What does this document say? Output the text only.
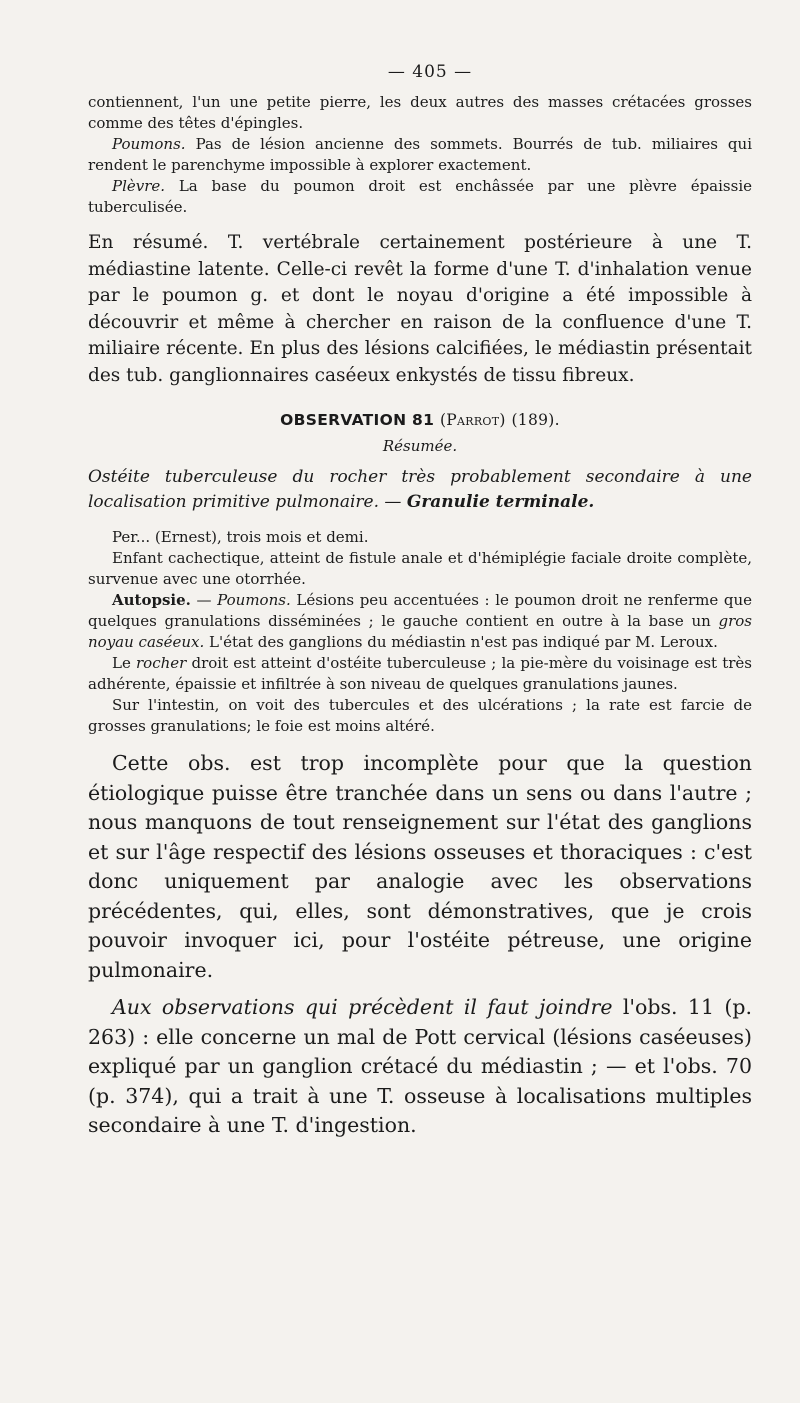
— 405 —

contiennent, l'un une petite pierre, les deux autres des masses crétacées grosses comme des têtes d'épingles.

Poumons. Pas de lésion ancienne des sommets. Bourrés de tub. miliaires qui rendent le parenchyme impossible à explorer exactement.

Plèvre. La base du poumon droit est enchâssée par une plèvre épaissie tuberculisée.

En résumé. T. vertébrale certainement postérieure à une T. médiastine latente. Celle-ci revêt la forme d'une T. d'inhalation venue par le poumon g. et dont le noyau d'origine a été impossible à découvrir et même à chercher en raison de la confluence d'une T. miliaire récente. En plus des lésions calcifiées, le médiastin présentait des tub. ganglionnaires caséeux enkystés de tissu fibreux.

OBSERVATION 81 (Parrot) (189).
Résumée.

Ostéite tuberculeuse du rocher très probablement secondaire à une localisation primitive pulmonaire. — Granulie terminale.

Per... (Ernest), trois mois et demi.

Enfant cachectique, atteint de fistule anale et d'hémiplégie faciale droite complète, survenue avec une otorrhée.

Autopsie. — Poumons. Lésions peu accentuées : le poumon droit ne renferme que quelques granulations disséminées ; le gauche contient en outre à la base un gros noyau caséeux. L'état des ganglions du médiastin n'est pas indiqué par M. Leroux.

Le rocher droit est atteint d'ostéite tuberculeuse ; la pie-mère du voisinage est très adhérente, épaissie et infiltrée à son niveau de quelques granulations jaunes.

Sur l'intestin, on voit des tubercules et des ulcérations ; la rate est farcie de grosses granulations; le foie est moins altéré.

Cette obs. est trop incomplète pour que la question étiologique puisse être tranchée dans un sens ou dans l'autre ; nous manquons de tout renseignement sur l'état des ganglions et sur l'âge respectif des lésions osseuses et thoraciques : c'est donc uniquement par analogie avec les observations précédentes, qui, elles, sont démonstratives, que je crois pouvoir invoquer ici, pour l'ostéite pétreuse, une origine pulmonaire.

Aux observations qui précèdent il faut joindre l'obs. 11 (p. 263) : elle concerne un mal de Pott cervical (lésions caséeuses) expliqué par un ganglion crétacé du médiastin ; — et l'obs. 70 (p. 374), qui a trait à une T. osseuse à localisations multiples secondaire à une T. d'ingestion.
